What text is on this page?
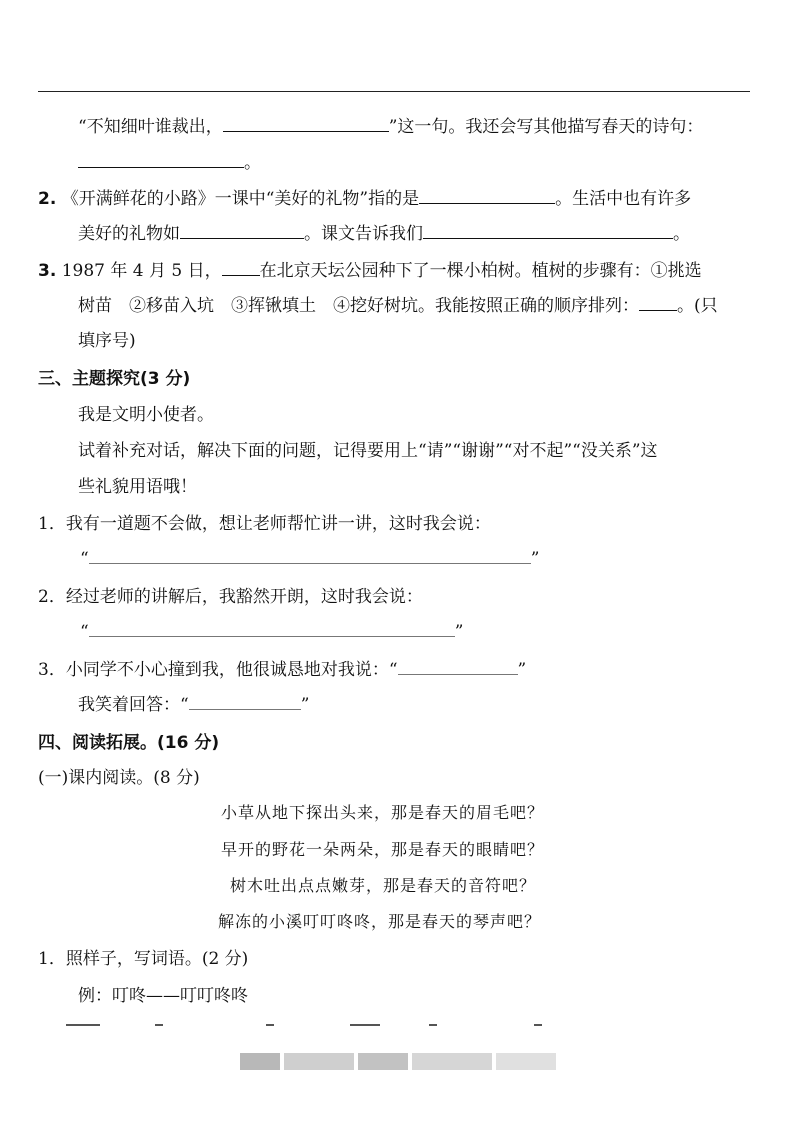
“不知细叶谁裁出，	”这一句。我还会写其他描写春天的诗句：
。
2. 《开满鲜花的小路》一课中“美好的礼物”指的是	。生活中也有许多
美好的礼物如	。课文告诉我们	。
3. 1987 年 4 月 5 日， 在北京天坛公园种下了一棵小柏树。植树的步骤有：①挑选
树苗　②移苗入坑　③挥锹填土　④挖好树坑。我能按照正确的顺序排列： 。(只
填序号)
三、主题探究(3 分)
我是文明小使者。
试着补充对话，解决下面的问题，记得要用上“请”“谢谢”“对不起”“没关系”这
些礼貌用语哦！
1．我有一道题不会做，想让老师帮忙讲一讲，这时我会说：
“	”
2．经过老师的讲解后，我豁然开朗，这时我会说：
“	”
3．小同学不小心撞到我，他很诚恳地对我说：“	”
我笑着回答：“	”
四、阅读拓展。(16 分)
(一)课内阅读。(8 分)
小草从地下探出头来，那是春天的眉毛吧？
早开的野花一朵两朵，那是春天的眼睛吧？
树木吐出点点嫩芽，那是春天的音符吧？
解冻的小溪叮叮咚咚，那是春天的琴声吧？
1．照样子，写词语。(2 分)
例：叮咚——叮叮咚咚
